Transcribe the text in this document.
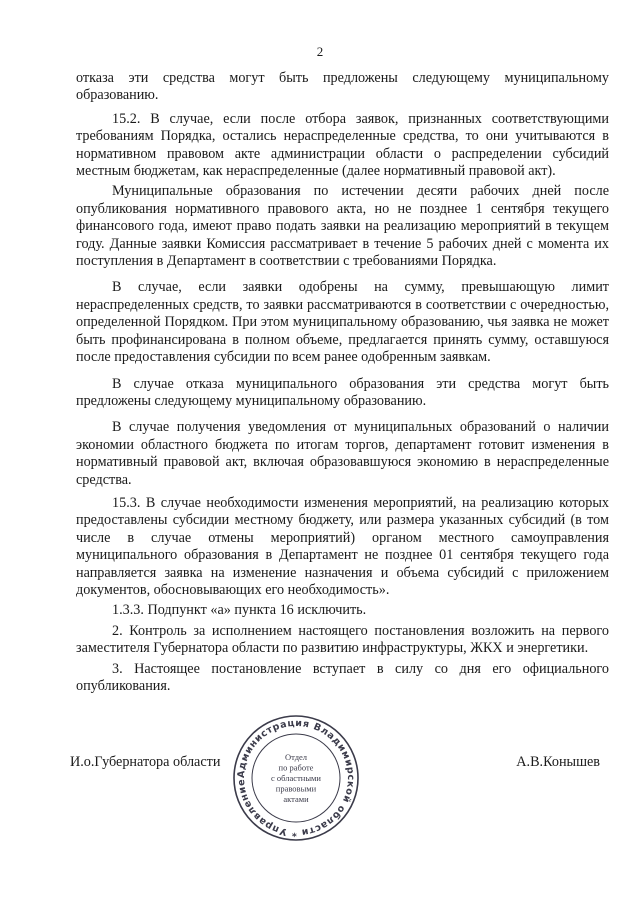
2

отказа эти средства могут быть предложены следующему муниципальному образованию.

15.2. В случае, если после отбора заявок, признанных соответствующими требованиям Порядка, остались нераспределенные средства, то они учитываются в нормативном правовом акте администрации области о распределении субсидий местным бюджетам, как нераспределенные (далее нормативный правовой акт).

Муниципальные образования по истечении десяти рабочих дней после опубликования нормативного правового акта, но не позднее 1 сентября текущего финансового года, имеют право подать заявки на реализацию мероприятий в текущем году. Данные заявки Комиссия рассматривает в течение 5 рабочих дней с момента их поступления в Департамент в соответствии с требованиями Порядка.

В случае, если заявки одобрены на сумму, превышающую лимит нераспределенных средств, то заявки рассматриваются в соответствии с очередностью, определенной Порядком. При этом муниципальному образованию, чья заявка не может быть профинансирована в полном объеме, предлагается принять сумму, оставшуюся после предоставления субсидии по всем ранее одобренным заявкам.

В случае отказа муниципального образования эти средства могут быть предложены следующему муниципальному образованию.

В случае получения уведомления от муниципальных образований о наличии экономии областного бюджета по итогам торгов, департамент готовит изменения в нормативный правовой акт, включая образовавшуюся экономию в нераспределенные средства.

15.3. В случае необходимости изменения мероприятий, на реализацию которых предоставлены субсидии местному бюджету, или размера указанных субсидий (в том числе в случае отмены мероприятий) органом местного самоуправления муниципального образования в Департамент не позднее 01 сентября текущего года направляется заявка на изменение назначения и объема субсидий с приложением документов, обосновывающих его необходимость».

1.3.3. Подпункт «а» пункта 16 исключить.

2. Контроль за исполнением настоящего постановления возложить на первого заместителя Губернатора области по развитию инфраструктуры, ЖКХ и энергетики.

3. Настоящее постановление вступает в силу со дня его официального опубликования.

И.о.Губернатора области	А.В.Конышев
Администрация Владимирской области * Управление
Отдел
по работе
с областными
правовыми
актами
